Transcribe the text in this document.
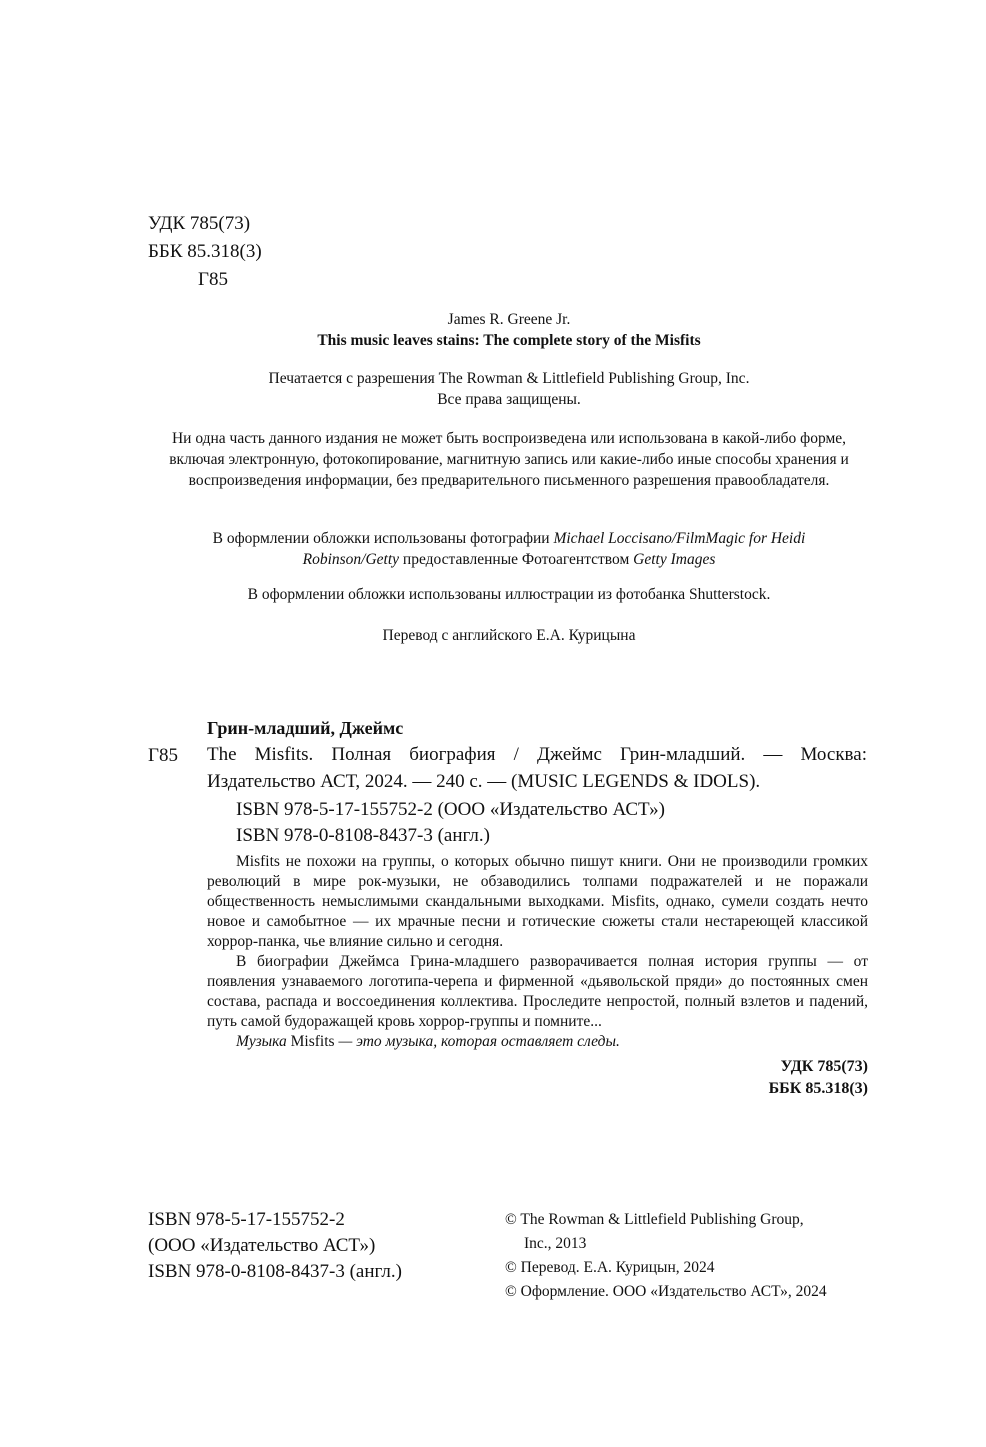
УДК 785(73)
ББК 85.318(3)
Г85

James R. Greene Jr.

This music leaves stains: The complete story of the Misfits

Печатается с разрешения The Rowman & Littlefield Publishing Group, Inc.

Все права защищены.

Ни одна часть данного издания не может быть воспроизведена или использована в какой-либо форме, включая электронную, фотокопирование, магнитную запись или какие-либо иные способы хранения и воспроизведения информации, без предварительного письменного разрешения правообладателя.

В оформлении обложки использованы фотографии Michael Loccisano/FilmMagic for Heidi Robinson/Getty предоставленные Фотоагентством Getty Images

В оформлении обложки использованы иллюстрации из фотобанка Shutterstock.

Перевод с английского Е.А. Курицына

Грин-младший, Джеймс
Г85 The Misfits. Полная биография / Джеймс Грин-младший. — Москва: Издательство АСТ, 2024. — 240 с. — (MUSIC LEGENDS & IDOLS).
ISBN 978-5-17-155752-2 (ООО «Издательство АСТ»)
ISBN 978-0-8108-8437-3 (англ.)

Misfits не похожи на группы, о которых обычно пишут книги. Они не производили громких революций в мире рок-музыки, не обзаводились толпами подражателей и не поражали общественность немыслимыми скандальными выходками. Misfits, однако, сумели создать нечто новое и самобытное — их мрачные песни и готические сюжеты стали нестареющей классикой хоррор-панка, чье влияние сильно и сегодня.

В биографии Джеймса Грина-младшего разворачивается полная история группы — от появления узнаваемого логотипа-черепа и фирменной «дьявольской пряди» до постоянных смен состава, распада и воссоединения коллектива. Проследите непростой, полный взлетов и падений, путь самой будоражащей кровь хоррор-группы и помните...

Музыка Misfits — это музыка, которая оставляет следы.

УДК 785(73)
ББК 85.318(3)
ISBN 978-5-17-155752-2
(ООО «Издательство АСТ»)
ISBN 978-0-8108-8437-3 (англ.)
© The Rowman & Littlefield Publishing Group,
Inc., 2013
© Перевод. Е.А. Курицын, 2024
© Оформление. ООО «Издательство АСТ», 2024
